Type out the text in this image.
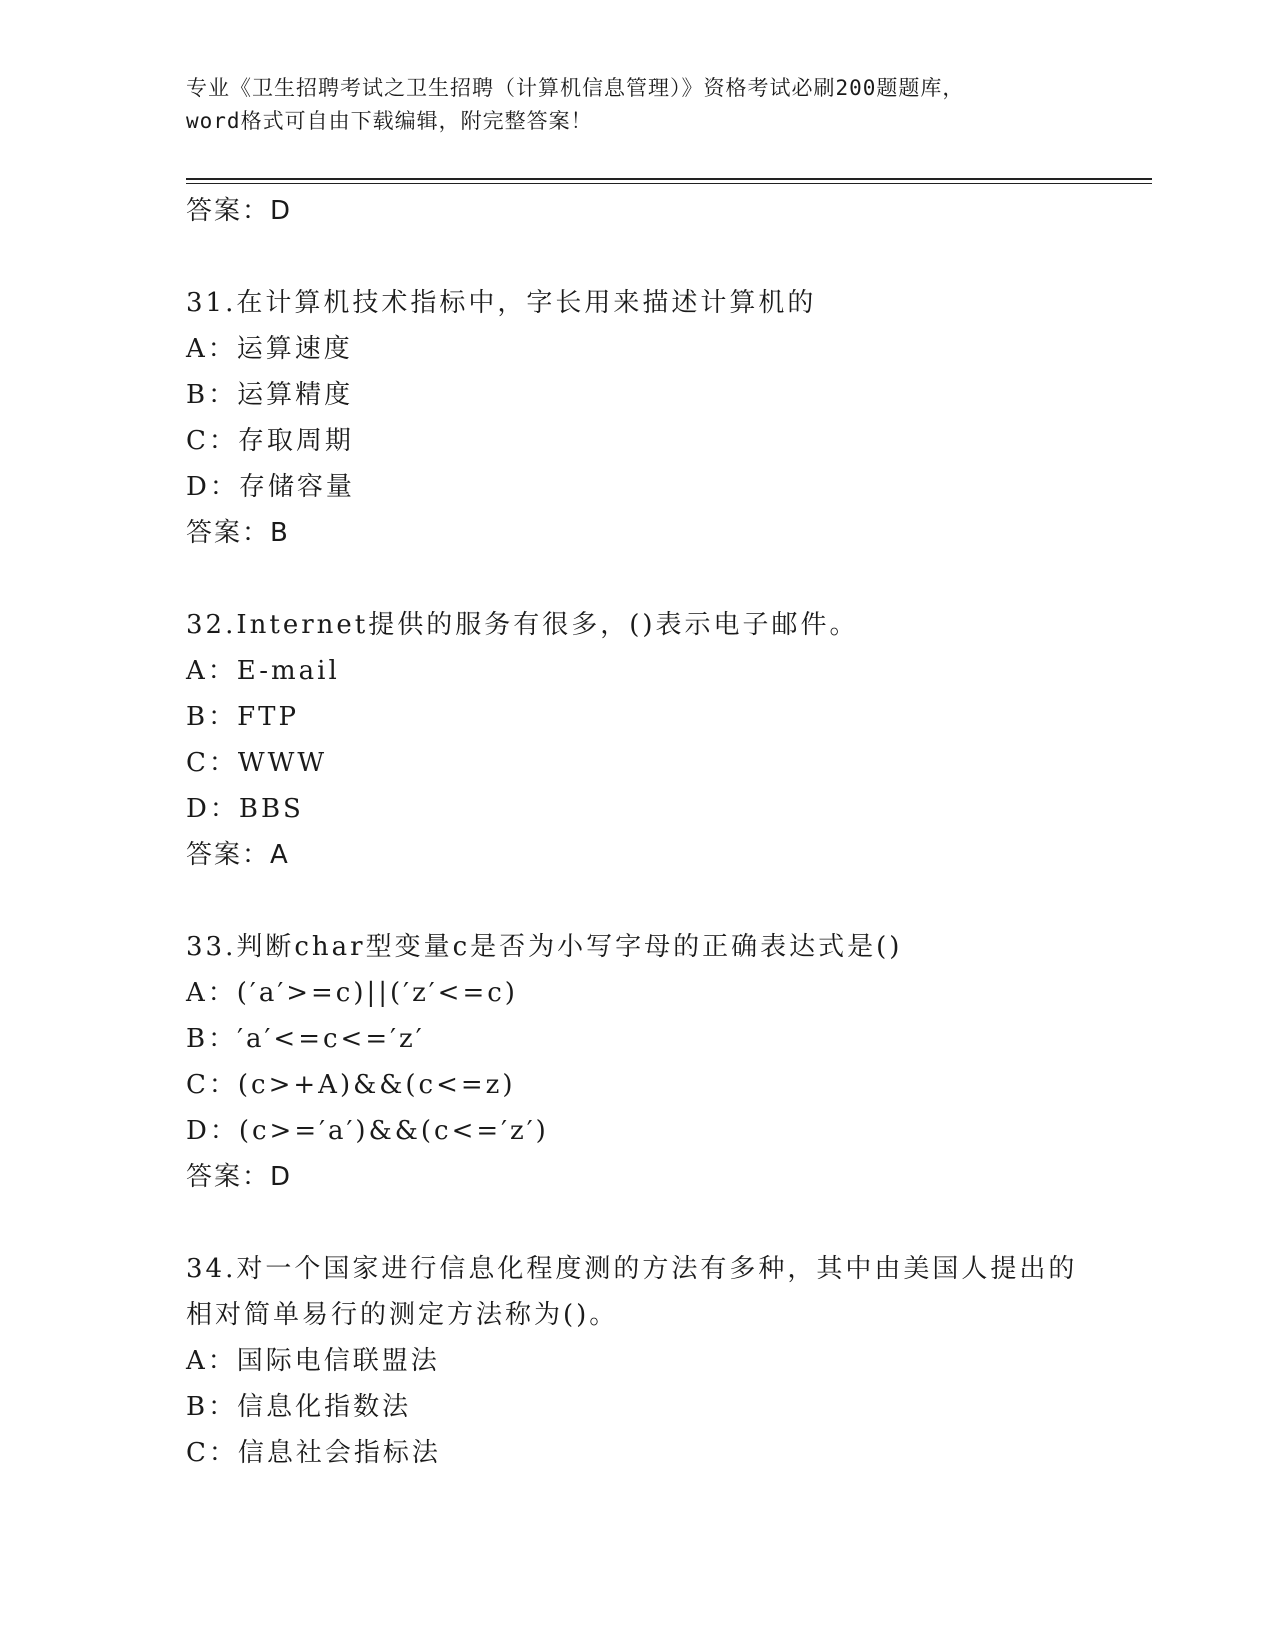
专业《卫生招聘考试之卫生招聘（计算机信息管理）》资格考试必刷200题题库，
word格式可自由下载编辑，附完整答案！
答案：D
31.在计算机技术指标中，字长用来描述计算机的
A：运算速度
B：运算精度
C：存取周期
D：存储容量
答案：B
32.Internet提供的服务有很多，()表示电子邮件。
A：E-mail
B：FTP
C：WWW
D：BBS
答案：A
33.判断char型变量c是否为小写字母的正确表达式是()
A：(′a′>=c)||(′z′<=c)
B：′a′<=c<=′z′
C：(c>+A)&&(c<=z)
D：(c>=′a′)&&(c<=′z′)
答案：D
34.对一个国家进行信息化程度测的方法有多种，其中由美国人提出的
相对简单易行的测定方法称为()。
A：国际电信联盟法
B：信息化指数法
C：信息社会指标法
